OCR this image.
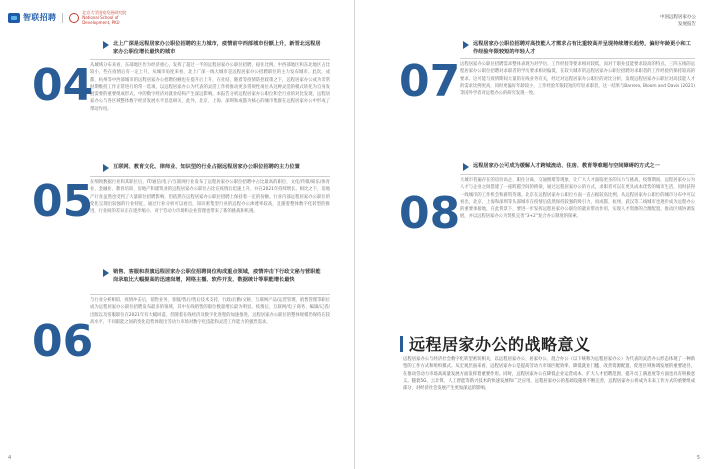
智联招聘
北京大学国家发展研究院 National School of Development, PKU
04
北上广深是远程居家办公职位招聘的主力城市，疫情前中西部城市份额上升，新晋北远程居家办公职位增长最快的城市
从城域分布来看，东部地区作为经济重心，发挥了超过一半的远程居家办公职位招聘，稳住比例。中西部地区和东北地区占比较小，些在疫情后有一定上升，从城市角度来看，北上广深一线大城市是远程居家办公招聘职位的主力发布城市。此次，成都、杭州等中西部城市的远程居家办公招聘份额也在提升后上升，在社结，随着等疫情防控政策之下，远程居家办公成为非常时期维持工作正常进行的常一选项，以远程居家办公为代表的灵活工作将推动更多常规性岗位从这种灵活的模式转化为自身发展需要的重要组成形式，中的数字经济对就业结构产生深远影响。本报告分析远程居家办公职位和全行业的对比发现，远程居家办公与各区域整体数字经济发展水平息息相关，此外，北京、上海、深圳和成都为核心的城市集群在远程居家办公中形成了带动作用。
05
互联网、教育文化、律师业、知识型的行业占据远程居家办公职位招聘的主力位置
在细致数据行业和其职位后，IT/通信/电子/互联网行业发布了远程居家办公职位招聘中占比最高的职位，文化/传媒/娱乐/体育业、金融业、教育培训、房地产和建筑业的远程居家办公职位占比在疫情后迅速上升，并在2021年持续增长。相比之下，房地产行业虽然也受到了大量职位招聘影响，但依然在远程居家办公职位招聘上保持着一定的份额。行业内部远程居家办公职位的变化呈现出较强的行业特征，通过行业分析可以看出，知识密集型行业的远程办公渗透率较高，且随着整体数字化转型的推进，行业间的差异正在逐步缩小，对于劳动力市场和企业管理也带来了新的挑战和机遇。
06
销售、客服和表演远程居家办公职位招聘岗位构成重点领域，疫情冲击下行政文秘与营职能岗录取比大幅提高的迅速岗增，网络主播、软件开发、数据统计等职能增长最快
与行业分析相似，疫情冲击后，销售业务、客服/售后/售后技术支持，行政/后勤/文秘、互联网产品/运营管理、销售管理等职位成为远程居家办公职位招聘发布最多的领域，其中在线销售的职位数量增长最为明显。疫情后，互联网/电子商务、编辑/记者/出版以及客服职位在2021年有大幅回落，但随着在线经济及数字化进程的加速推进，远程居家办公职位的整体规模仍保持在较高水平，不同职能之间的变化趋势体现出劳动力市场对数字化技能和灵活工作能力的强烈需求。
4
中国远程居家办公
发展报告
07
远程居家办公职位招聘对高技能人才需求占有比重较高并呈现持续增长趋势，偏好年龄更小和工作经验年限较短的年轻人才
远程居家办公职位招聘需求整体表现为对学历、工作经验等要求相对较低，而对于职业技能要求较高的特点。三四五线的远程居家办公职位招聘对求职者的学历要求相对偏低，在较大城市的远程居家办公职位招聘对求职者的工作经验仍保持较高的要求。这可能与疫情期间大量的在线业务有关，经过对远程居家办公职位的对比分析，发现远程居家办公职位对高技能人才的需求比例更高，同时更偏好年龄较小、工作经验年限较短的年轻求职者，这一结果与Barrero, Bloom and Davis (2021)等国外学者对远程办公的研究发现一致。
08
远程居家办公可成为缓解人才跨城流动、住房、教育等难题与空间障碍的方式之一
大城市普遍存在的房价高企、职住分离、交通拥堵等现象，让广大人才面临更多的压力与挑战，疫情期间，远程居家办公为人才与企业之间搭建了一座跨越空间的桥梁，通过远程居家办公的方式，求职者可以在更具成本优势的城市生活，同时获得一线城市的工作机会和薪资待遇。北京在远程居家办公职位方面一直占据较高比例，从远程居家办公职位的城市分布中可以看出，北京、上海和深圳等头部城市在疫情后依然保持较强的吸引力，而成都、杭州、武汉等二线城市也逐步成为远程办公的重要承接地，在此背景下，要进一步发挥远程居家办公职位的就业带动作用，实现人才资源的合理配置，推动区域协调发展，并以远程居家办公为契机完善“3+2”复合办公制度的探索。
远程居家办公与经济社会数字化转型密切相关，以远程居家办公、居家办公、混合办公（以下统称为远程居家办公）为代表的灵活办公形态体现了一种新型的工作方式和组织模式。从宏观层面来看，远程居家办公是提高劳动力市场匹配效率、降低就业门槛、改善资源配置、促进区域协调发展的重要途径，在推动劳动力市场高质量发展方面发挥着重要作用。同时，远程居家办公在降低企业运营成本、扩大人才招聘范围、提升员工满意度等方面也具有积极意义。随着5G、云计算、人工智能等新兴技术的快速发展和广泛应用，远程居家办公的基础设施将不断完善，远程居家办公将成为未来工作方式的重要组成部分，对经济社会发展产生更加深远的影响。
5
远程居家办公的战略意义
